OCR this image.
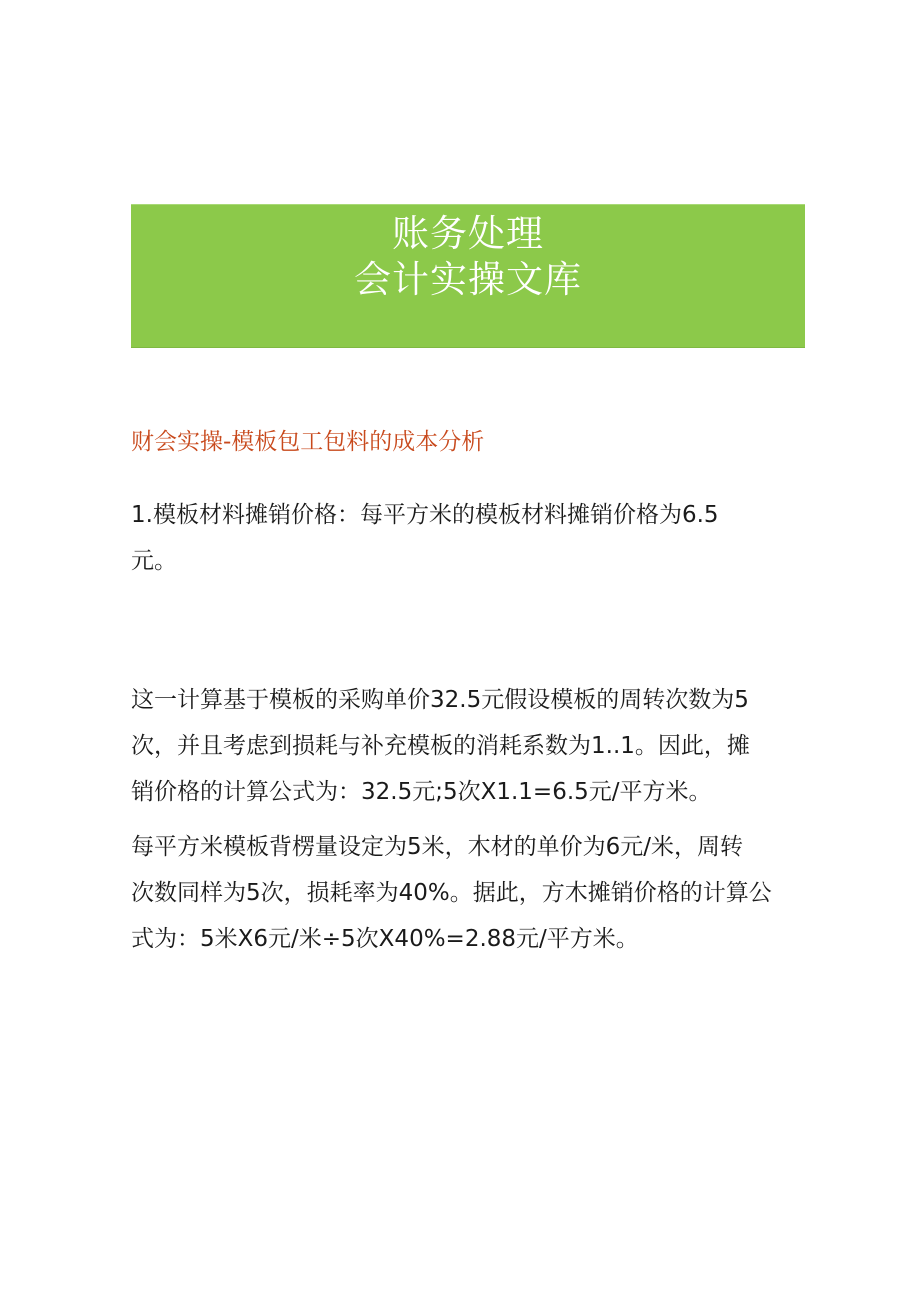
账务处理
会计实操文库
财会实操-模板包工包料的成本分析
1.模板材料摊销价格：每平方米的模板材料摊销价格为6.5
元。
这一计算基于模板的采购单价32.5元假设模板的周转次数为5
次，并且考虑到损耗与补充模板的消耗系数为1..1。因此，摊
销价格的计算公式为：32.5元;5次X1.1=6.5元/平方米。
每平方米模板背楞量设定为5米，木材的单价为6元/米，周转
次数同样为5次，损耗率为40%。据此，方木摊销价格的计算公
式为：5米X6元/米÷5次X40%=2.88元/平方米。
